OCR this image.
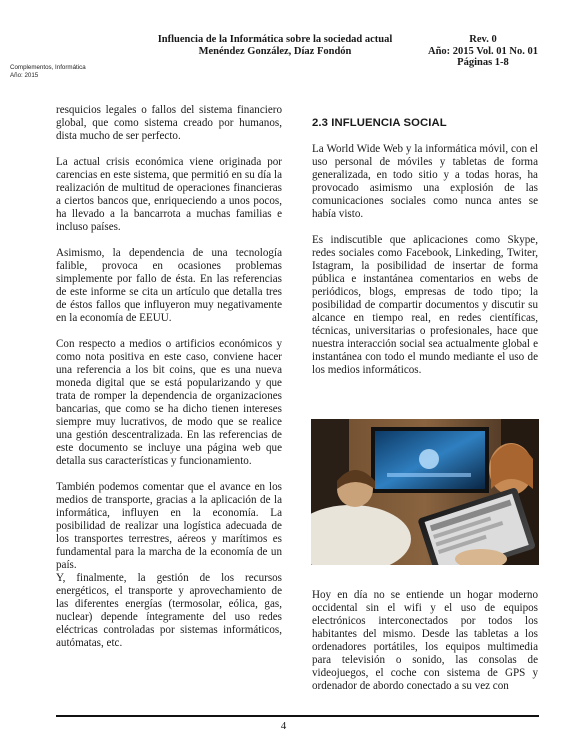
Influencia de la Informática sobre la sociedad actual
Menéndez González, Díaz Fondón
Rev. 0
Año: 2015 Vol. 01 No. 01
Páginas 1-8
Complementos, Informática
Año: 2015

resquicios legales o fallos del sistema financiero global, que como sistema creado por humanos, dista mucho de ser perfecto.

La actual crisis económica viene originada por carencias en este sistema, que permitió en su día la realización de multitud de operaciones financieras a ciertos bancos que, enriqueciendo a unos pocos, ha llevado a la bancarrota a muchas familias e incluso países.

Asimismo, la dependencia de una tecnología falible, provoca en ocasiones problemas simplemente por fallo de ésta. En las referencias de este informe se cita un artículo que detalla tres de éstos fallos que influyeron muy negativamente en la economía de EEUU.

Con respecto a medios o artificios económicos y como nota positiva en este caso, conviene hacer una referencia a los bit coins, que es una nueva moneda digital que se está popularizando y que trata de romper la dependencia de organizaciones bancarias, que como se ha dicho tienen intereses siempre muy lucrativos, de modo que se realice una gestión descentralizada. En las referencias de este documento se incluye una página web que detalla sus características y funcionamiento.

También podemos comentar que el avance en los medios de transporte, gracias a la aplicación de la informática, influyen en la economía. La posibilidad de realizar una logística adecuada de los transportes terrestres, aéreos y marítimos es fundamental para la marcha de la economía de un país.

Y, finalmente, la gestión de los recursos energéticos, el transporte y aprovechamiento de las diferentes energías (termosolar, eólica, gas, nuclear) depende íntegramente del uso redes eléctricas controladas por sistemas informáticos, autómatas, etc.

2.3 INFLUENCIA SOCIAL

La World Wide Web y la informática móvil, con el uso personal de móviles y tabletas de forma generalizada, en todo sitio y a todas horas, ha provocado asimismo una explosión de las comunicaciones sociales como nunca antes se había visto.

Es indiscutible que aplicaciones como Skype, redes sociales como Facebook, Linkeding, Twiter, Istagram, la posibilidad de insertar de forma pública e instantánea comentarios en webs de periódicos, blogs, empresas de todo tipo; la posibilidad de compartir documentos y discutir su alcance en tiempo real, en redes científicas, técnicas, universitarias o profesionales, hace que nuestra interacción social sea actualmente global e instantánea con todo el mundo mediante el uso de los medios informáticos.

Hoy en día no se entiende un hogar moderno occidental sin el wifi y el uso de equipos electrónicos interconectados por todos los habitantes del mismo. Desde las tabletas a los ordenadores portátiles, los equipos multimedia para televisión o sonido, las consolas de videojuegos, el coche con sistema de GPS y ordenador de abordo conectado a su vez con

4
